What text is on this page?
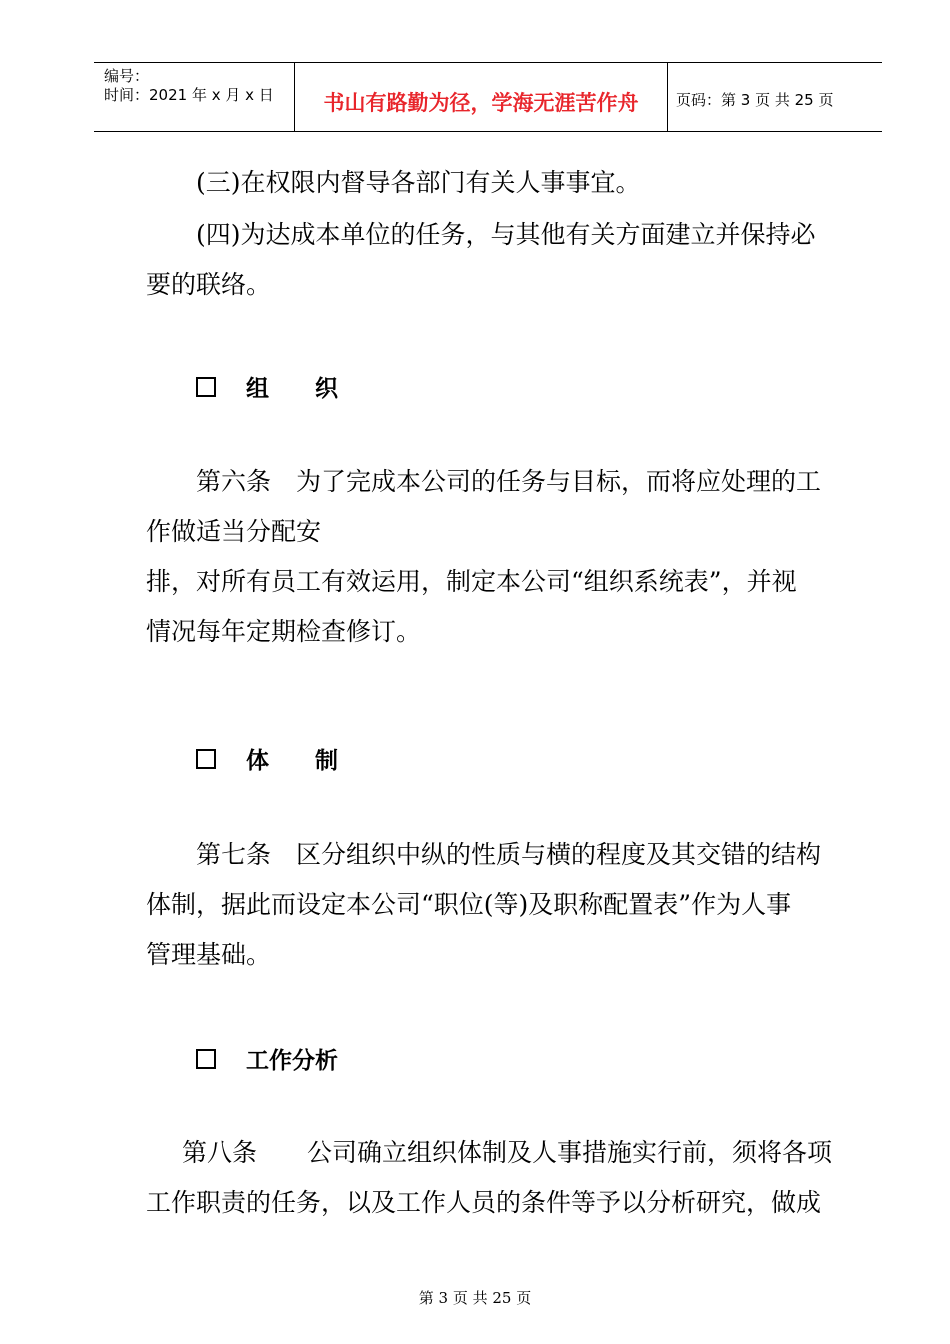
编号：
时间：2021 年 x 月 x 日	书山有路勤为径，学海无涯苦作舟	页码：第 3 页 共 25 页

(三)在权限内督导各部门有关人事事宜。

(四)为达成本单位的任务，与其他有关方面建立并保持必

要的联络。

组　　织

第六条　为了完成本公司的任务与目标，而将应处理的工

作做适当分配安

排，对所有员工有效运用，制定本公司“组织系统表”，并视

情况每年定期检查修订。

体　　制

第七条　区分组织中纵的性质与横的程度及其交错的结构

体制，据此而设定本公司“职位(等)及职称配置表”作为人事

管理基础。

工作分析

第八条　　公司确立组织体制及人事措施实行前，须将各项

工作职责的任务，以及工作人员的条件等予以分析研究，做成

第 3 页 共 25 页
